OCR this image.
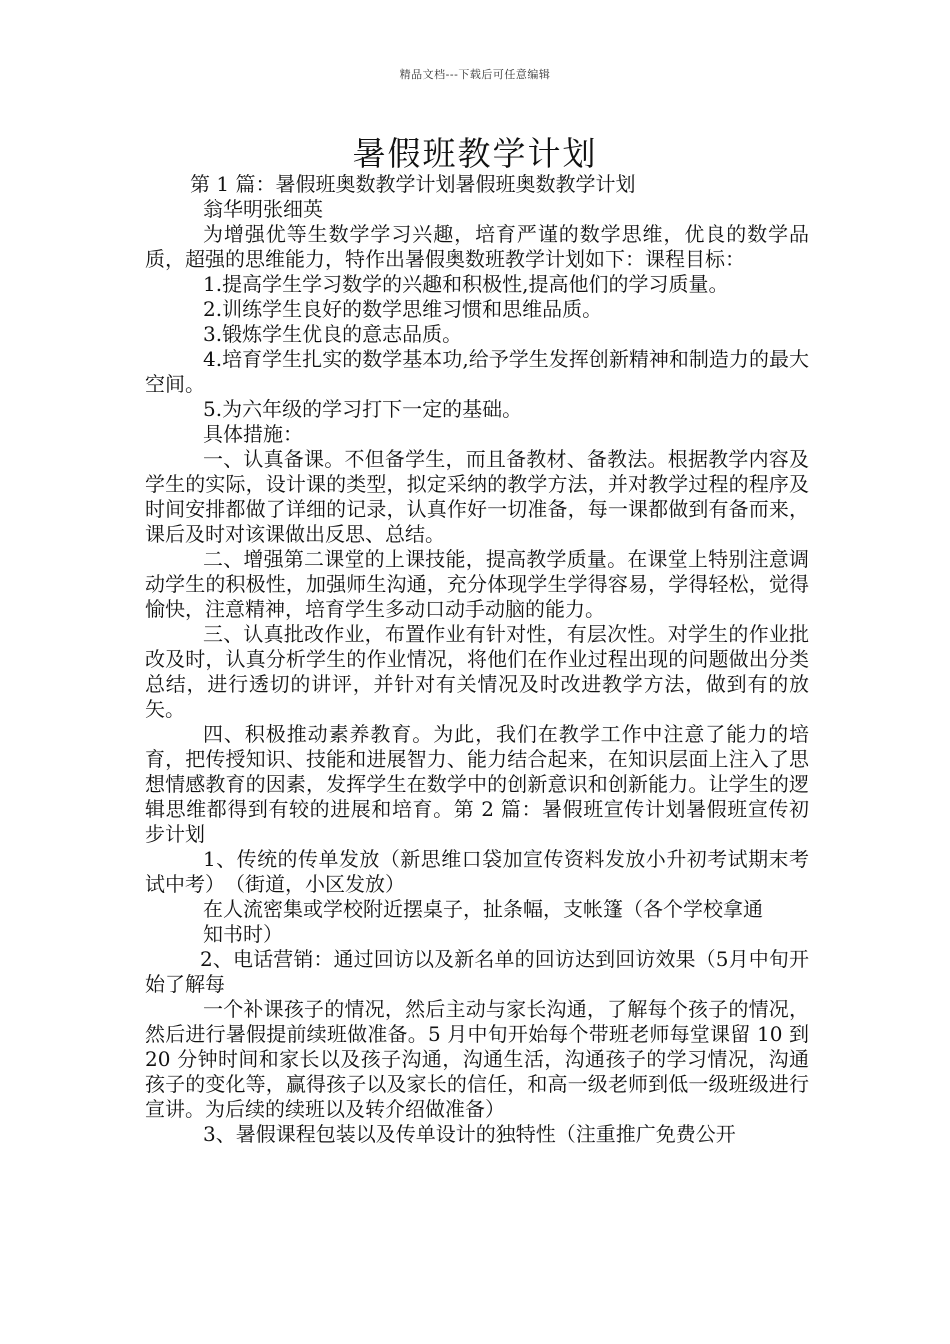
精品文档---下载后可任意编辑
暑假班教学计划

第 1 篇：暑假班奥数教学计划暑假班奥数教学计划

翁华明张细英

为增强优等生数学学习兴趣，培育严谨的数学思维，优良的数学品质，超强的思维能力，特作出暑假奥数班教学计划如下：课程目标：

1.提高学生学习数学的兴趣和积极性,提高他们的学习质量。

2.训练学生良好的数学思维习惯和思维品质。

3.锻炼学生优良的意志品质。

4.培育学生扎实的数学基本功,给予学生发挥创新精神和制造力的最大空间。

5.为六年级的学习打下一定的基础。

具体措施：

一、认真备课。不但备学生，而且备教材、备教法。根据教学内容及学生的实际，设计课的类型，拟定采纳的教学方法，并对教学过程的程序及时间安排都做了详细的记录，认真作好一切准备，每一课都做到有备而来，课后及时对该课做出反思、总结。

二、增强第二课堂的上课技能，提高教学质量。在课堂上特别注意调动学生的积极性，加强师生沟通，充分体现学生学得容易，学得轻松，觉得愉快，注意精神，培育学生多动口动手动脑的能力。

三、认真批改作业，布置作业有针对性，有层次性。对学生的作业批改及时，认真分析学生的作业情况，将他们在作业过程出现的问题做出分类总结，进行透切的讲评，并针对有关情况及时改进教学方法，做到有的放矢。

四、积极推动素养教育。为此，我们在教学工作中注意了能力的培育，把传授知识、技能和进展智力、能力结合起来，在知识层面上注入了思想情感教育的因素，发挥学生在数学中的创新意识和创新能力。让学生的逻辑思维都得到有较的进展和培育。第 2 篇：暑假班宣传计划暑假班宣传初步计划

1、传统的传单发放（新思维口袋加宣传资料发放小升初考试期末考试中考）　（街道，小区发放）

在人流密集或学校附近摆桌子，扯条幅，支帐篷（各个学校拿通

知书时）

2、电话营销：通过回访以及新名单的回访达到回访效果（5月中旬开始了解每

一个补课孩子的情况，然后主动与家长沟通，了解每个孩子的情况，然后进行暑假提前续班做准备。5 月中旬开始每个带班老师每堂课留 10 到 20 分钟时间和家长以及孩子沟通，沟通生活，沟通孩子的学习情况，沟通孩子的变化等，赢得孩子以及家长的信任，和高一级老师到低一级班级进行宣讲。为后续的续班以及转介绍做准备）

3、暑假课程包装以及传单设计的独特性（注重推广免费公开
